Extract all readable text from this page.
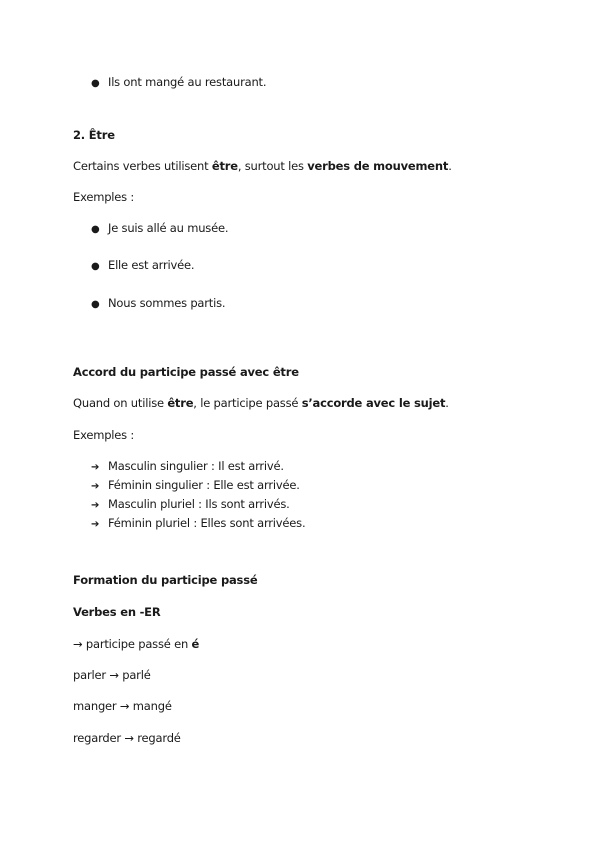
● Ils ont mangé au restaurant.
2. Être
Certains verbes utilisent être, surtout les verbes de mouvement.
Exemples :
● Je suis allé au musée.
● Elle est arrivée.
● Nous sommes partis.
Accord du participe passé avec être
Quand on utilise être, le participe passé s’accorde avec le sujet.
Exemples :
➔ Masculin singulier : Il est arrivé.
➔ Féminin singulier : Elle est arrivée.
➔ Masculin pluriel : Ils sont arrivés.
➔ Féminin pluriel : Elles sont arrivées.
Formation du participe passé
Verbes en -ER
→ participe passé en é
parler → parlé
manger → mangé
regarder → regardé
